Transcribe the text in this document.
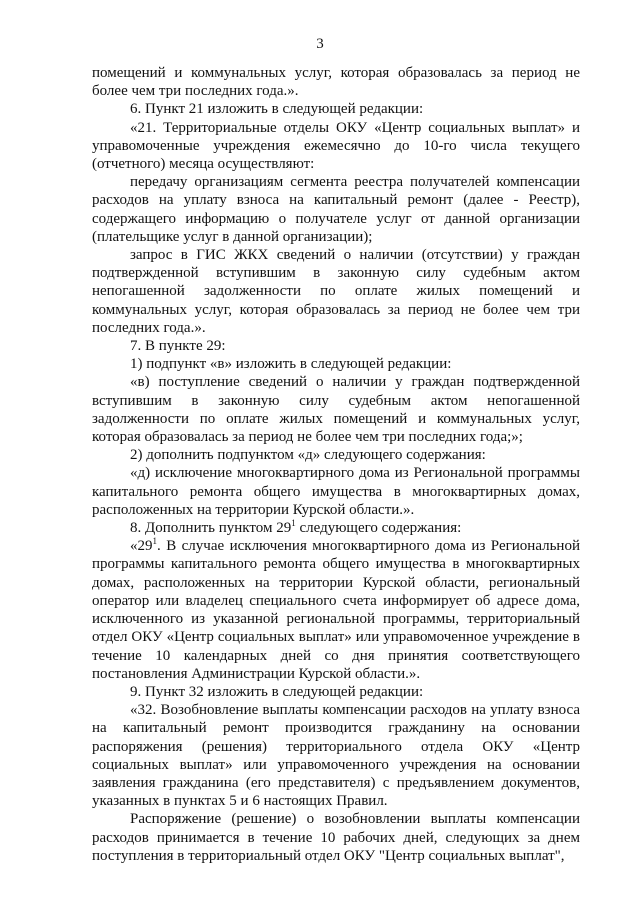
3

помещений и коммунальных услуг, которая образовалась за период не более чем три последних года.».

6. Пункт 21 изложить в следующей редакции:

«21. Территориальные отделы ОКУ «Центр социальных выплат» и управомоченные учреждения ежемесячно до 10-го числа текущего (отчетного) месяца осуществляют:

передачу организациям сегмента реестра получателей компенсации расходов на уплату взноса на капитальный ремонт (далее - Реестр), содержащего информацию о получателе услуг от данной организации (плательщике услуг в данной организации);

запрос в ГИС ЖКХ сведений о наличии (отсутствии) у граждан подтвержденной вступившим в законную силу судебным актом непогашенной задолженности по оплате жилых помещений и коммунальных услуг, которая образовалась за период не более чем три последних года.».

7. В пункте 29:

1) подпункт «в» изложить в следующей редакции:

«в) поступление сведений о наличии у граждан подтвержденной вступившим в законную силу судебным актом непогашенной задолженности по оплате жилых помещений и коммунальных услуг, которая образовалась за период не более чем три последних года;»;

2) дополнить подпунктом «д» следующего содержания:

«д) исключение многоквартирного дома из Региональной программы капитального ремонта общего имущества в многоквартирных домах, расположенных на территории Курской области.».

8. Дополнить пунктом $29^1$ следующего содержания:

«$29^1$. В случае исключения многоквартирного дома из Региональной программы капитального ремонта общего имущества в многоквартирных домах, расположенных на территории Курской области, региональный оператор или владелец специального счета информирует об адресе дома, исключенного из указанной региональной программы, территориальный отдел ОКУ «Центр социальных выплат» или управомоченное учреждение в течение 10 календарных дней со дня принятия соответствующего постановления Администрации Курской области.».

9. Пункт 32 изложить в следующей редакции:

«32. Возобновление выплаты компенсации расходов на уплату взноса на капитальный ремонт производится гражданину на основании распоряжения (решения) территориального отдела ОКУ «Центр социальных выплат» или управомоченного учреждения на основании заявления гражданина (его представителя) с предъявлением документов, указанных в пунктах 5 и 6 настоящих Правил.

Распоряжение (решение) о возобновлении выплаты компенсации расходов принимается в течение 10 рабочих дней, следующих за днем поступления в территориальный отдел ОКУ "Центр социальных выплат",
